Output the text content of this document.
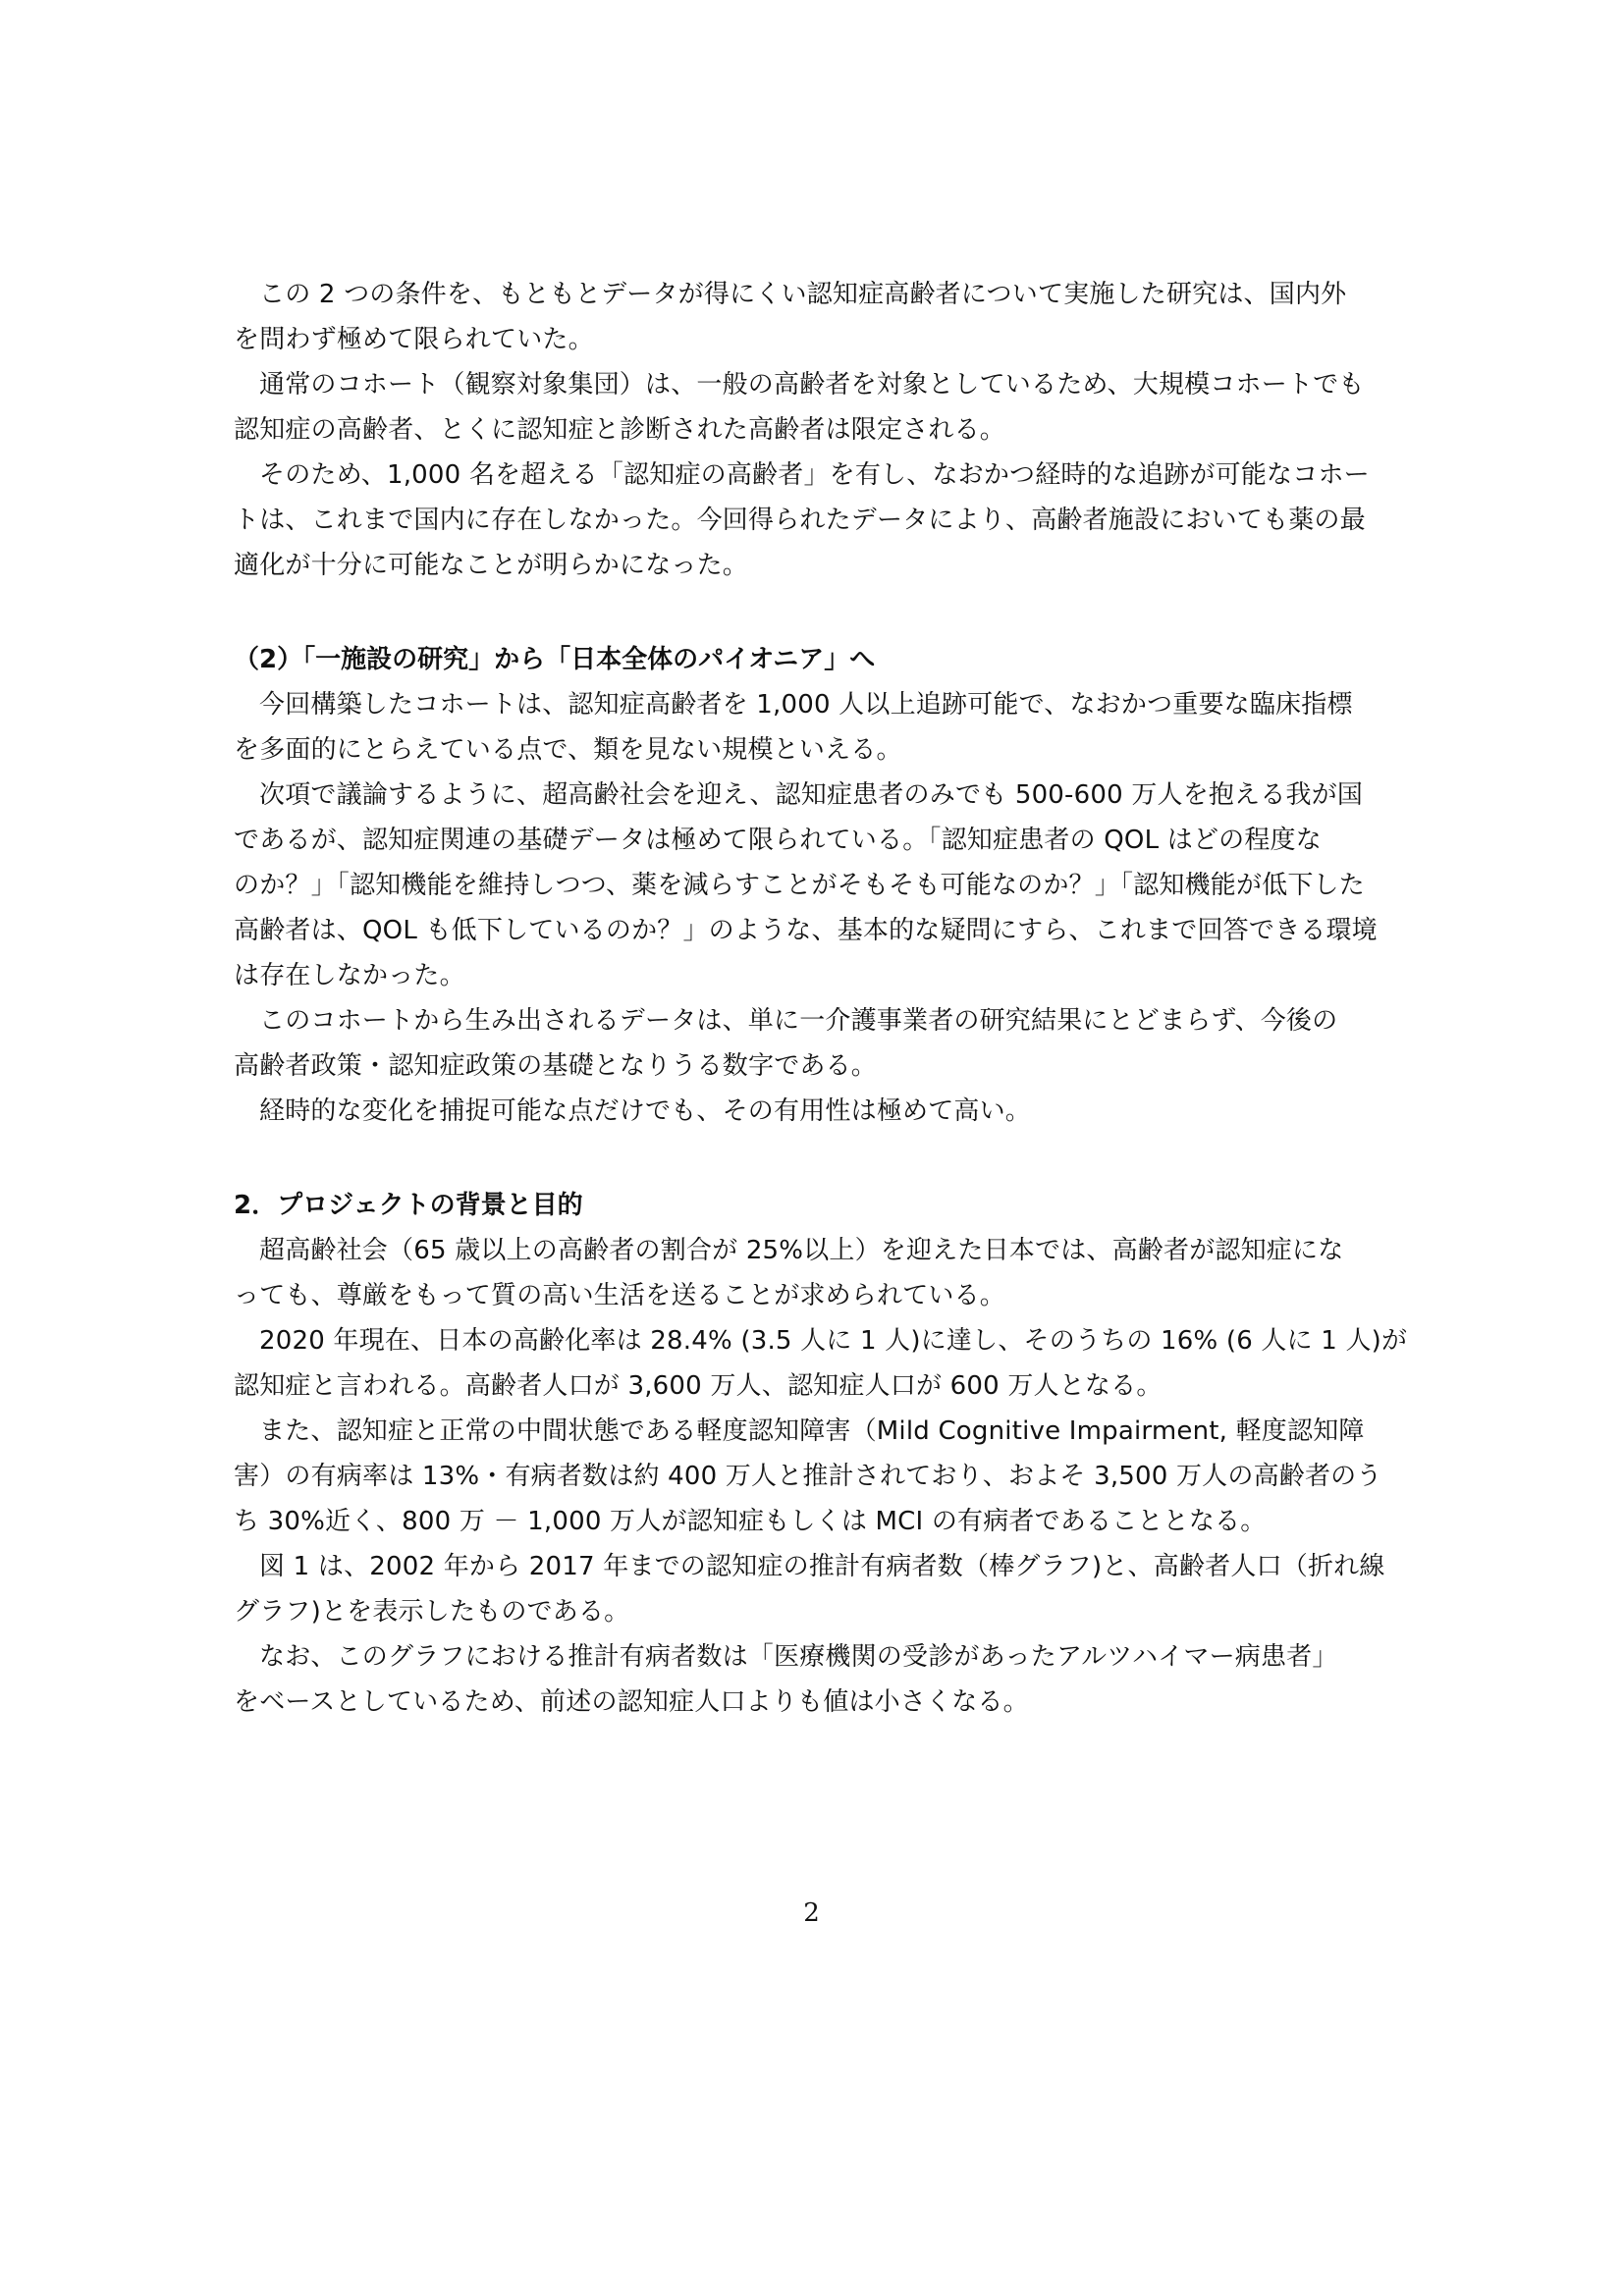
この 2 つの条件を、もともとデータが得にくい認知症高齢者について実施した研究は、国内外
を問わず極めて限られていた。
通常のコホート（観察対象集団）は、一般の高齢者を対象としているため、大規模コホートでも
認知症の高齢者、とくに認知症と診断された高齢者は限定される。
そのため、1,000 名を超える「認知症の高齢者」を有し、なおかつ経時的な追跡が可能なコホー
トは、これまで国内に存在しなかった。今回得られたデータにより、高齢者施設においても薬の最
適化が十分に可能なことが明らかになった。
（2）「一施設の研究」から「日本全体のパイオニア」へ
今回構築したコホートは、認知症高齢者を 1,000 人以上追跡可能で、なおかつ重要な臨床指標
を多面的にとらえている点で、類を見ない規模といえる。
次項で議論するように、超高齢社会を迎え、認知症患者のみでも 500-600 万人を抱える我が国
であるが、認知症関連の基礎データは極めて限られている。「認知症患者の QOL はどの程度な
のか？」「認知機能を維持しつつ、薬を減らすことがそもそも可能なのか？」「認知機能が低下した
高齢者は、QOL も低下しているのか？」のような、基本的な疑問にすら、これまで回答できる環境
は存在しなかった。
このコホートから生み出されるデータは、単に一介護事業者の研究結果にとどまらず、今後の
高齢者政策・認知症政策の基礎となりうる数字である。
経時的な変化を捕捉可能な点だけでも、その有用性は極めて高い。
2．プロジェクトの背景と目的
超高齢社会（65 歳以上の高齢者の割合が 25%以上）を迎えた日本では、高齢者が認知症にな
っても、尊厳をもって質の高い生活を送ることが求められている。
2020 年現在、日本の高齢化率は 28.4% (3.5 人に 1 人)に達し、そのうちの 16% (6 人に 1 人)が
認知症と言われる。高齢者人口が 3,600 万人、認知症人口が 600 万人となる。
また、認知症と正常の中間状態である軽度認知障害（Mild Cognitive Impairment, 軽度認知障
害）の有病率は 13%・有病者数は約 400 万人と推計されており、およそ 3,500 万人の高齢者のう
ち 30%近く、800 万 － 1,000 万人が認知症もしくは MCI の有病者であることとなる。
図 1 は、2002 年から 2017 年までの認知症の推計有病者数（棒グラフ)と、高齢者人口（折れ線
グラフ)とを表示したものである。
なお、このグラフにおける推計有病者数は「医療機関の受診があったアルツハイマー病患者」
をベースとしているため、前述の認知症人口よりも値は小さくなる。
2
